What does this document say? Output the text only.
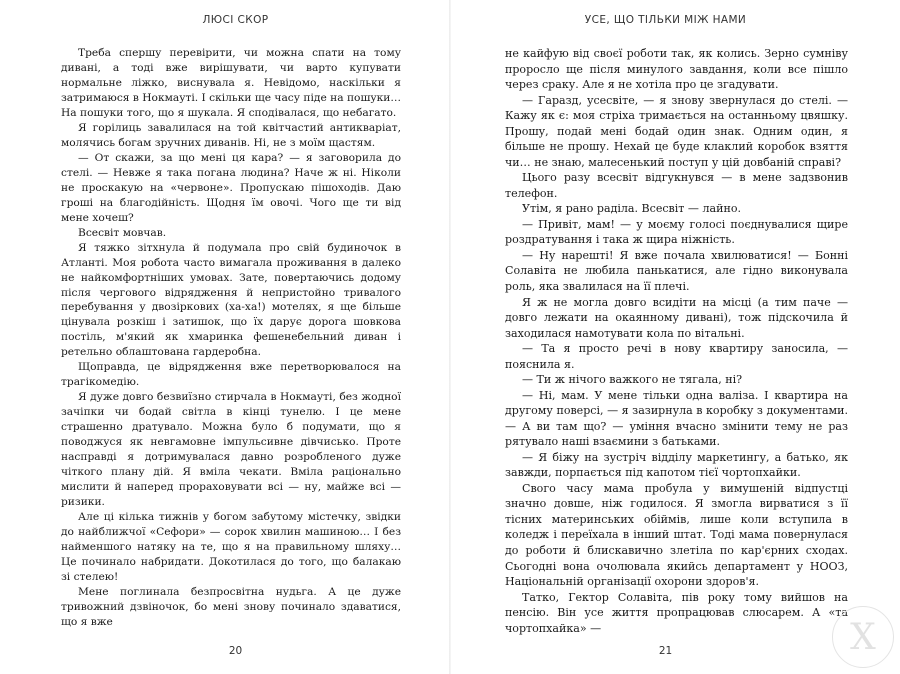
ЛЮСІ СКОР

Треба спершу перевірити, чи можна спати на тому дивані, а тоді вже вирішувати, чи варто купувати нормальне ліжко, виснувала я. Невідомо, наскільки я затримаюся в Нокмауті. І скільки ще часу піде на пошуки… На пошуки того, що я шукала. Я сподівалася, що небагато.

Я горілиць завалилася на той квітчастий антикваріат, молячись богам зручних диванів. Ні, не з моїм щастям.

— От скажи, за що мені ця кара? — я заговорила до стелі. — Невже я така погана людина? Наче ж ні. Ніколи не проскакую на «червоне». Пропускаю пішоходів. Даю гроші на благодійність. Щодня їм овочі. Чого ще ти від мене хочеш?

Всесвіт мовчав.

Я тяжко зітхнула й подумала про свій будиночок в Атланті. Моя робота часто вимагала проживання в далеко не найкомфортніших умовах. Зате, повертаючись додому після чергового відрядження й непристойно тривалого перебування у двозіркових (ха-ха!) мотелях, я ще більше цінувала розкіш і затишок, що їх дарує дорога шовкова постіль, м'який як хмаринка фешенебельний диван і ретельно облаштована гардеробна.

Щоправда, це відрядження вже перетворювалося на трагікомедію.

Я дуже довго безвиїзно стирчала в Нокмауті, без жодної зачіпки чи бодай світла в кінці тунелю. І це мене страшенно дратувало. Можна було б подумати, що я поводжуся як невгамовне імпульсивне дівчисько. Проте насправді я дотримувалася давно розробленого дуже чіткого плану дій. Я вміла чекати. Вміла раціонально мислити й наперед прораховувати всі — ну, майже всі — ризики.

Але ці кілька тижнів у богом забутому містечку, звідки до найближчої «Сефори» — сорок хвилин машиною… І без найменшого натяку на те, що я на правильному шляху… Це починало набридати. Докотилася до того, що балакаю зі стелею!

Мене поглинала безпросвітна нудьга. А це дуже тривожний дзвіночок, бо мені знову починало здаватися, що я вже

20
УСЕ, ЩО ТІЛЬКИ МІЖ НАМИ

не кайфую від своєї роботи так, як колись. Зерно сумніву проросло ще після минулого завдання, коли все пішло через сраку. Але я не хотіла про це згадувати.

— Гаразд, усесвіте, — я знову звернулася до стелі. — Кажу як є: моя стріха тримається на останньому цвяшку. Прошу, подай мені бодай один знак. Одним один, я більше не прошу. Нехай це буде клаклий коробок взяття чи… не знаю, малесенький поступ у цій довбаній справі?

Цього разу всесвіт відгукнувся — в мене задзвонив телефон.

Утім, я рано раділа. Всесвіт — лайно.

— Привіт, мам! — у моєму голосі поєднувалися щире роздратування і така ж щира ніжність.

— Ну нарешті! Я вже почала хвилюватися! — Бонні Солавіта не любила панькатися, але гідно виконувала роль, яка звалилася на її плечі.

Я ж не могла довго всидіти на місці (а тим паче — довго лежати на окаянному дивані), тож підскочила й заходилася намотувати кола по вітальні.

— Та я просто речі в нову квартиру заносила, — пояснила я.

— Ти ж нічого важкого не тягала, ні?

— Ні, мам. У мене тільки одна валіза. І квартира на другому поверсі, — я зазирнула в коробку з документами. — А ви там що? — уміння вчасно змінити тему не раз рятувало наші взаємини з батьками.

— Я біжу на зустріч відділу маркетингу, а батько, як завжди, порпається під капотом тієї чортопхайки.

Свого часу мама пробула у вимушеній відпустці значно довше, ніж годилося. Я змогла вирватися з її тісних материнських обіймів, лише коли вступила в коледж і переїхала в інший штат. Тоді мама повернулася до роботи й блискавично злетіла по кар'єрних сходах. Сьогодні вона очолювала якийсь департамент у НООЗ, Національній організації охорони здоров'я.

Татко, Гектор Солавіта, пів року тому вийшов на пенсію. Він усе життя пропрацював слюсарем. А «та чортопхайка» —

21	Х
